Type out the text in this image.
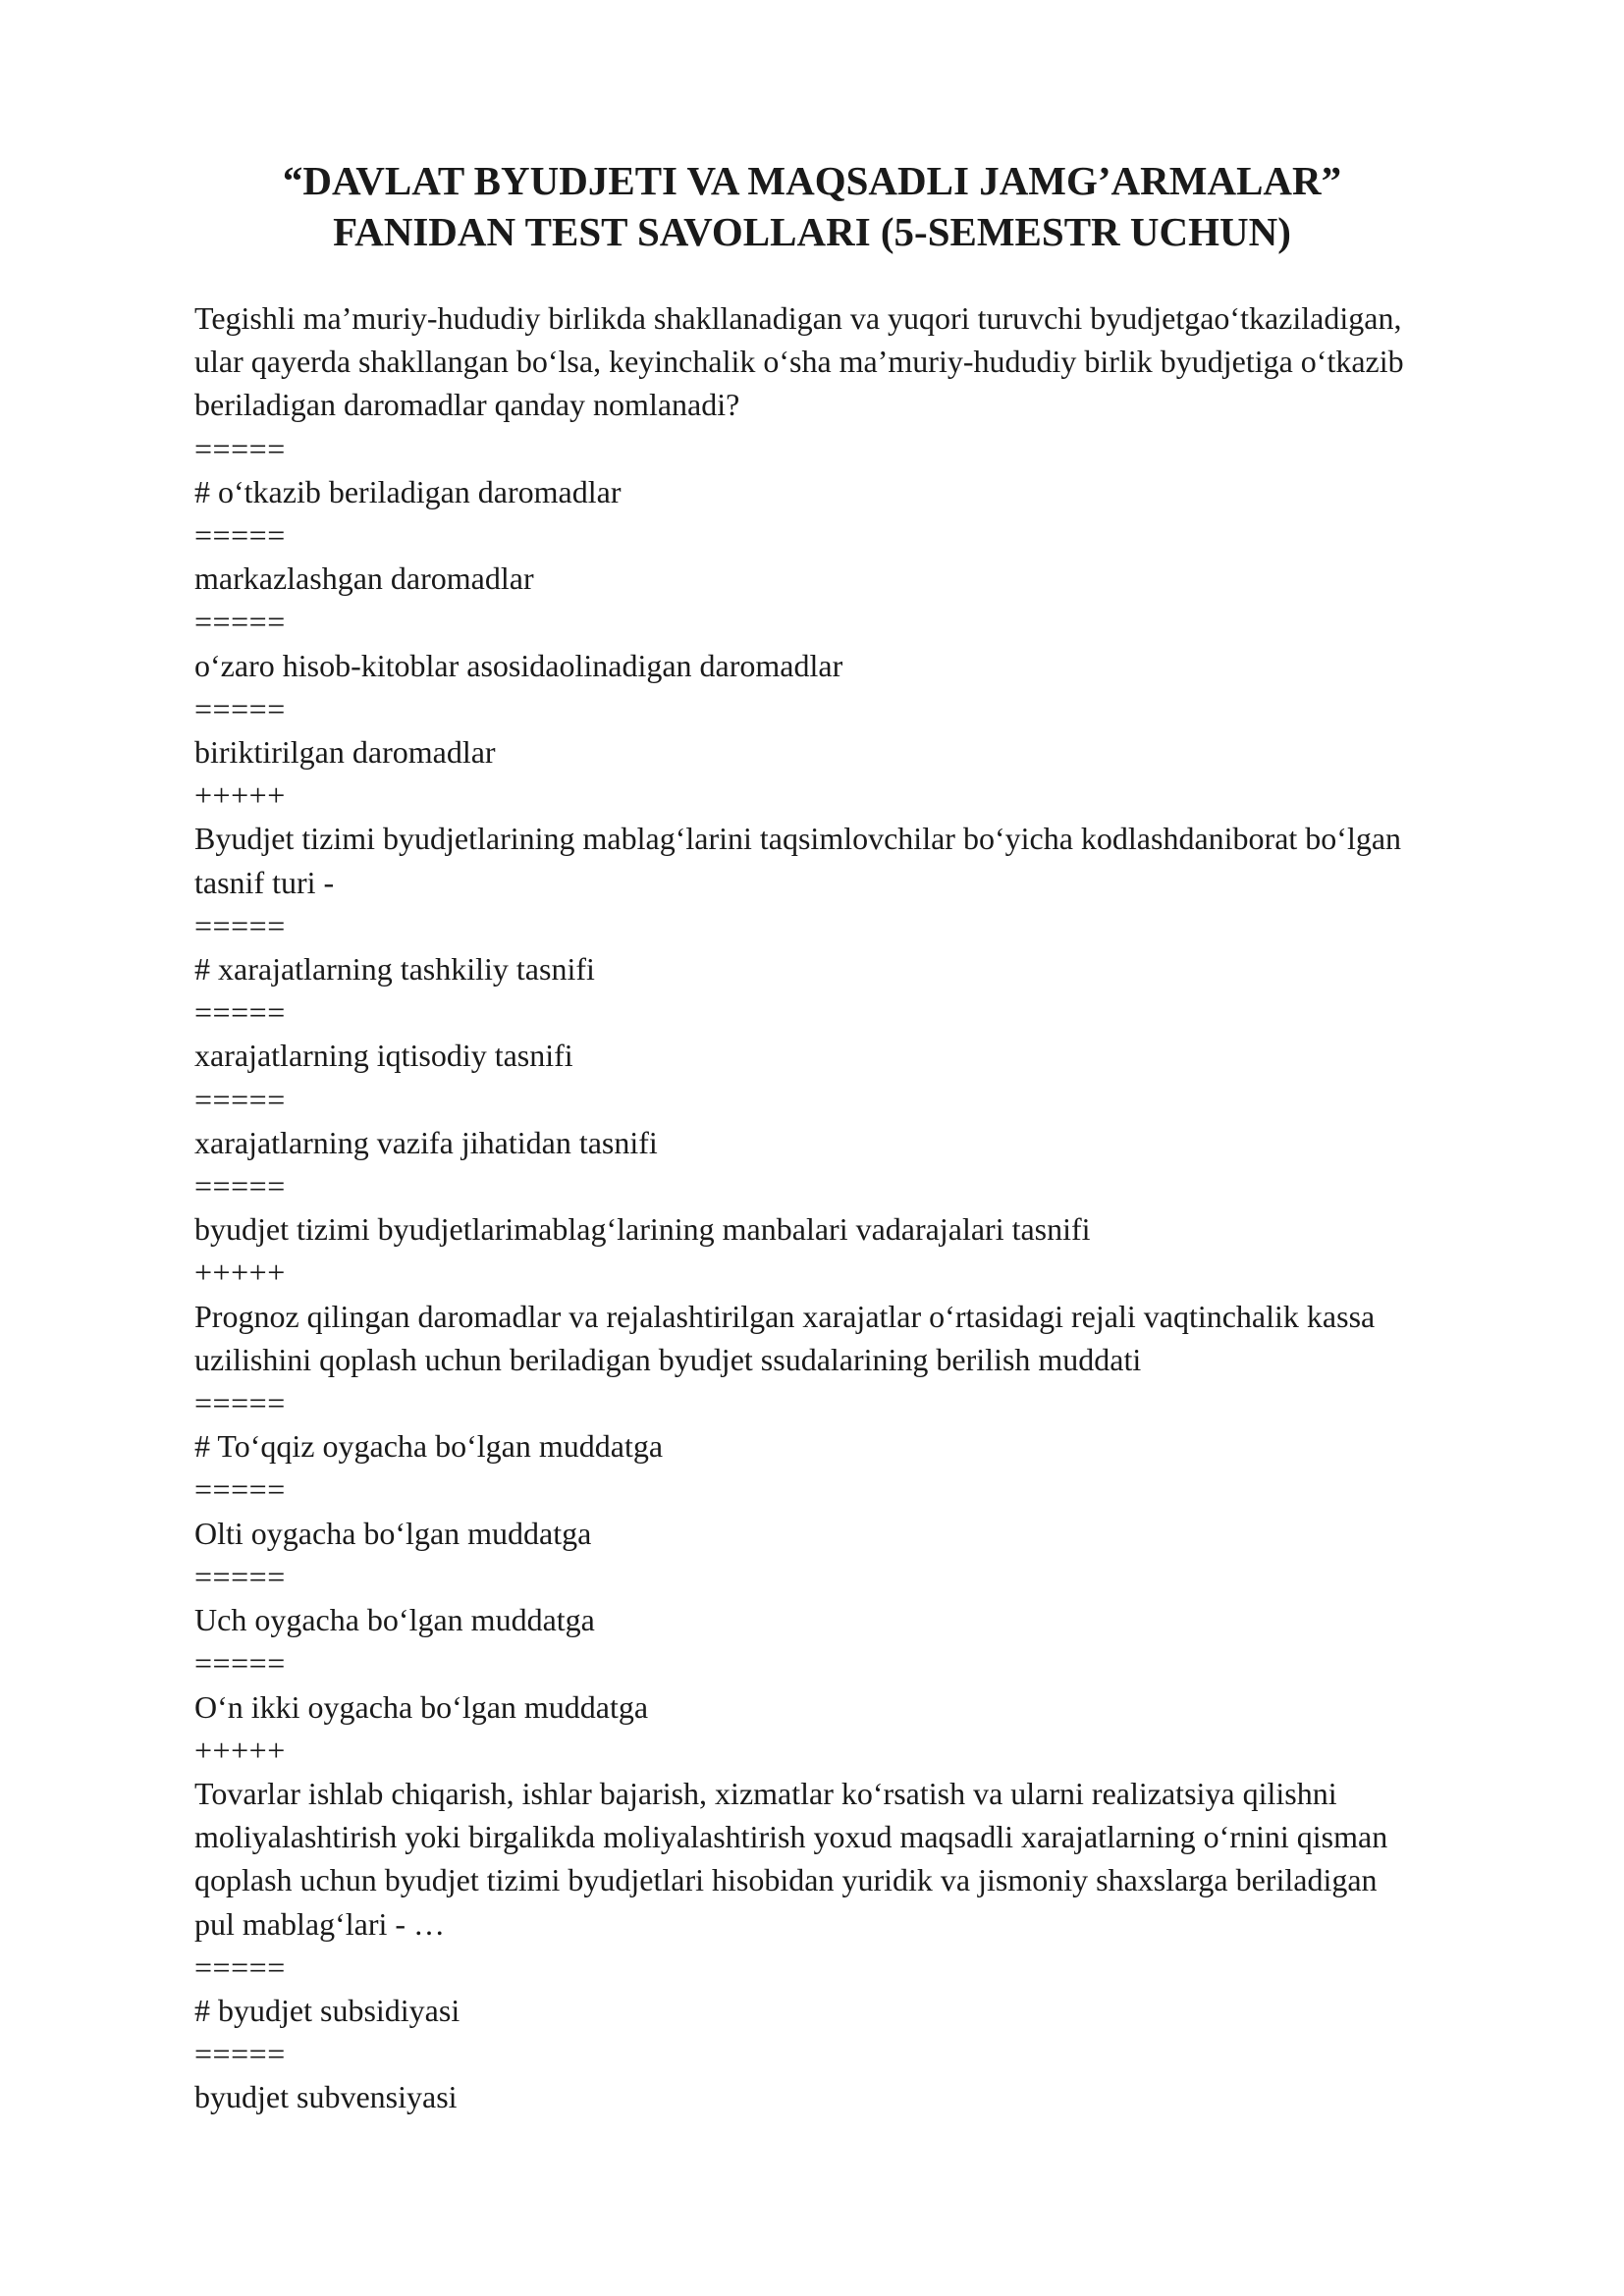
“DAVLAT BYUDJETI VA MAQSADLI JAMG’ARMALAR”
FANIDAN TEST SAVOLLARI (5-SEMESTR UCHUN)
Tegishli ma’muriy-hududiy birlikda shakllanadigan va yuqori turuvchi byudjetgao‘tkaziladigan,
ular qayerda shakllangan bo‘lsa, keyinchalik o‘sha ma’muriy-hududiy birlik byudjetiga o‘tkazib
beriladigan daromadlar qanday nomlanadi?
=====
# o‘tkazib beriladigan daromadlar
=====
markazlashgan daromadlar
=====
o‘zaro hisob-kitoblar asosidaolinadigan daromadlar
=====
biriktirilgan daromadlar
+++++
Byudjet tizimi byudjetlarining mablag‘larini taqsimlovchilar bo‘yicha kodlashdaniborat bo‘lgan
tasnif turi -
=====
# xarajatlarning tashkiliy tasnifi
=====
xarajatlarning iqtisodiy tasnifi
=====
xarajatlarning vazifa jihatidan tasnifi
=====
byudjet tizimi byudjetlarimablag‘larining manbalari vadarajalari tasnifi
+++++
Prognoz qilingan daromadlar va rejalashtirilgan xarajatlar o‘rtasidagi rejali vaqtinchalik kassa
uzilishini qoplash uchun beriladigan byudjet ssudalarining berilish muddati
=====
# To‘qqiz oygacha bo‘lgan muddatga
=====
Olti oygacha bo‘lgan muddatga
=====
Uch oygacha bo‘lgan muddatga
=====
O‘n ikki oygacha bo‘lgan muddatga
+++++
Tovarlar ishlab chiqarish, ishlar bajarish, xizmatlar ko‘rsatish va ularni realizatsiya qilishni
moliyalashtirish yoki birgalikda moliyalashtirish yoxud maqsadli xarajatlarning o‘rnini qisman
qoplash uchun byudjet tizimi byudjetlari hisobidan yuridik va jismoniy shaxslarga beriladigan
pul mablag‘lari - …
=====
# byudjet subsidiyasi
=====
byudjet subvensiyasi
